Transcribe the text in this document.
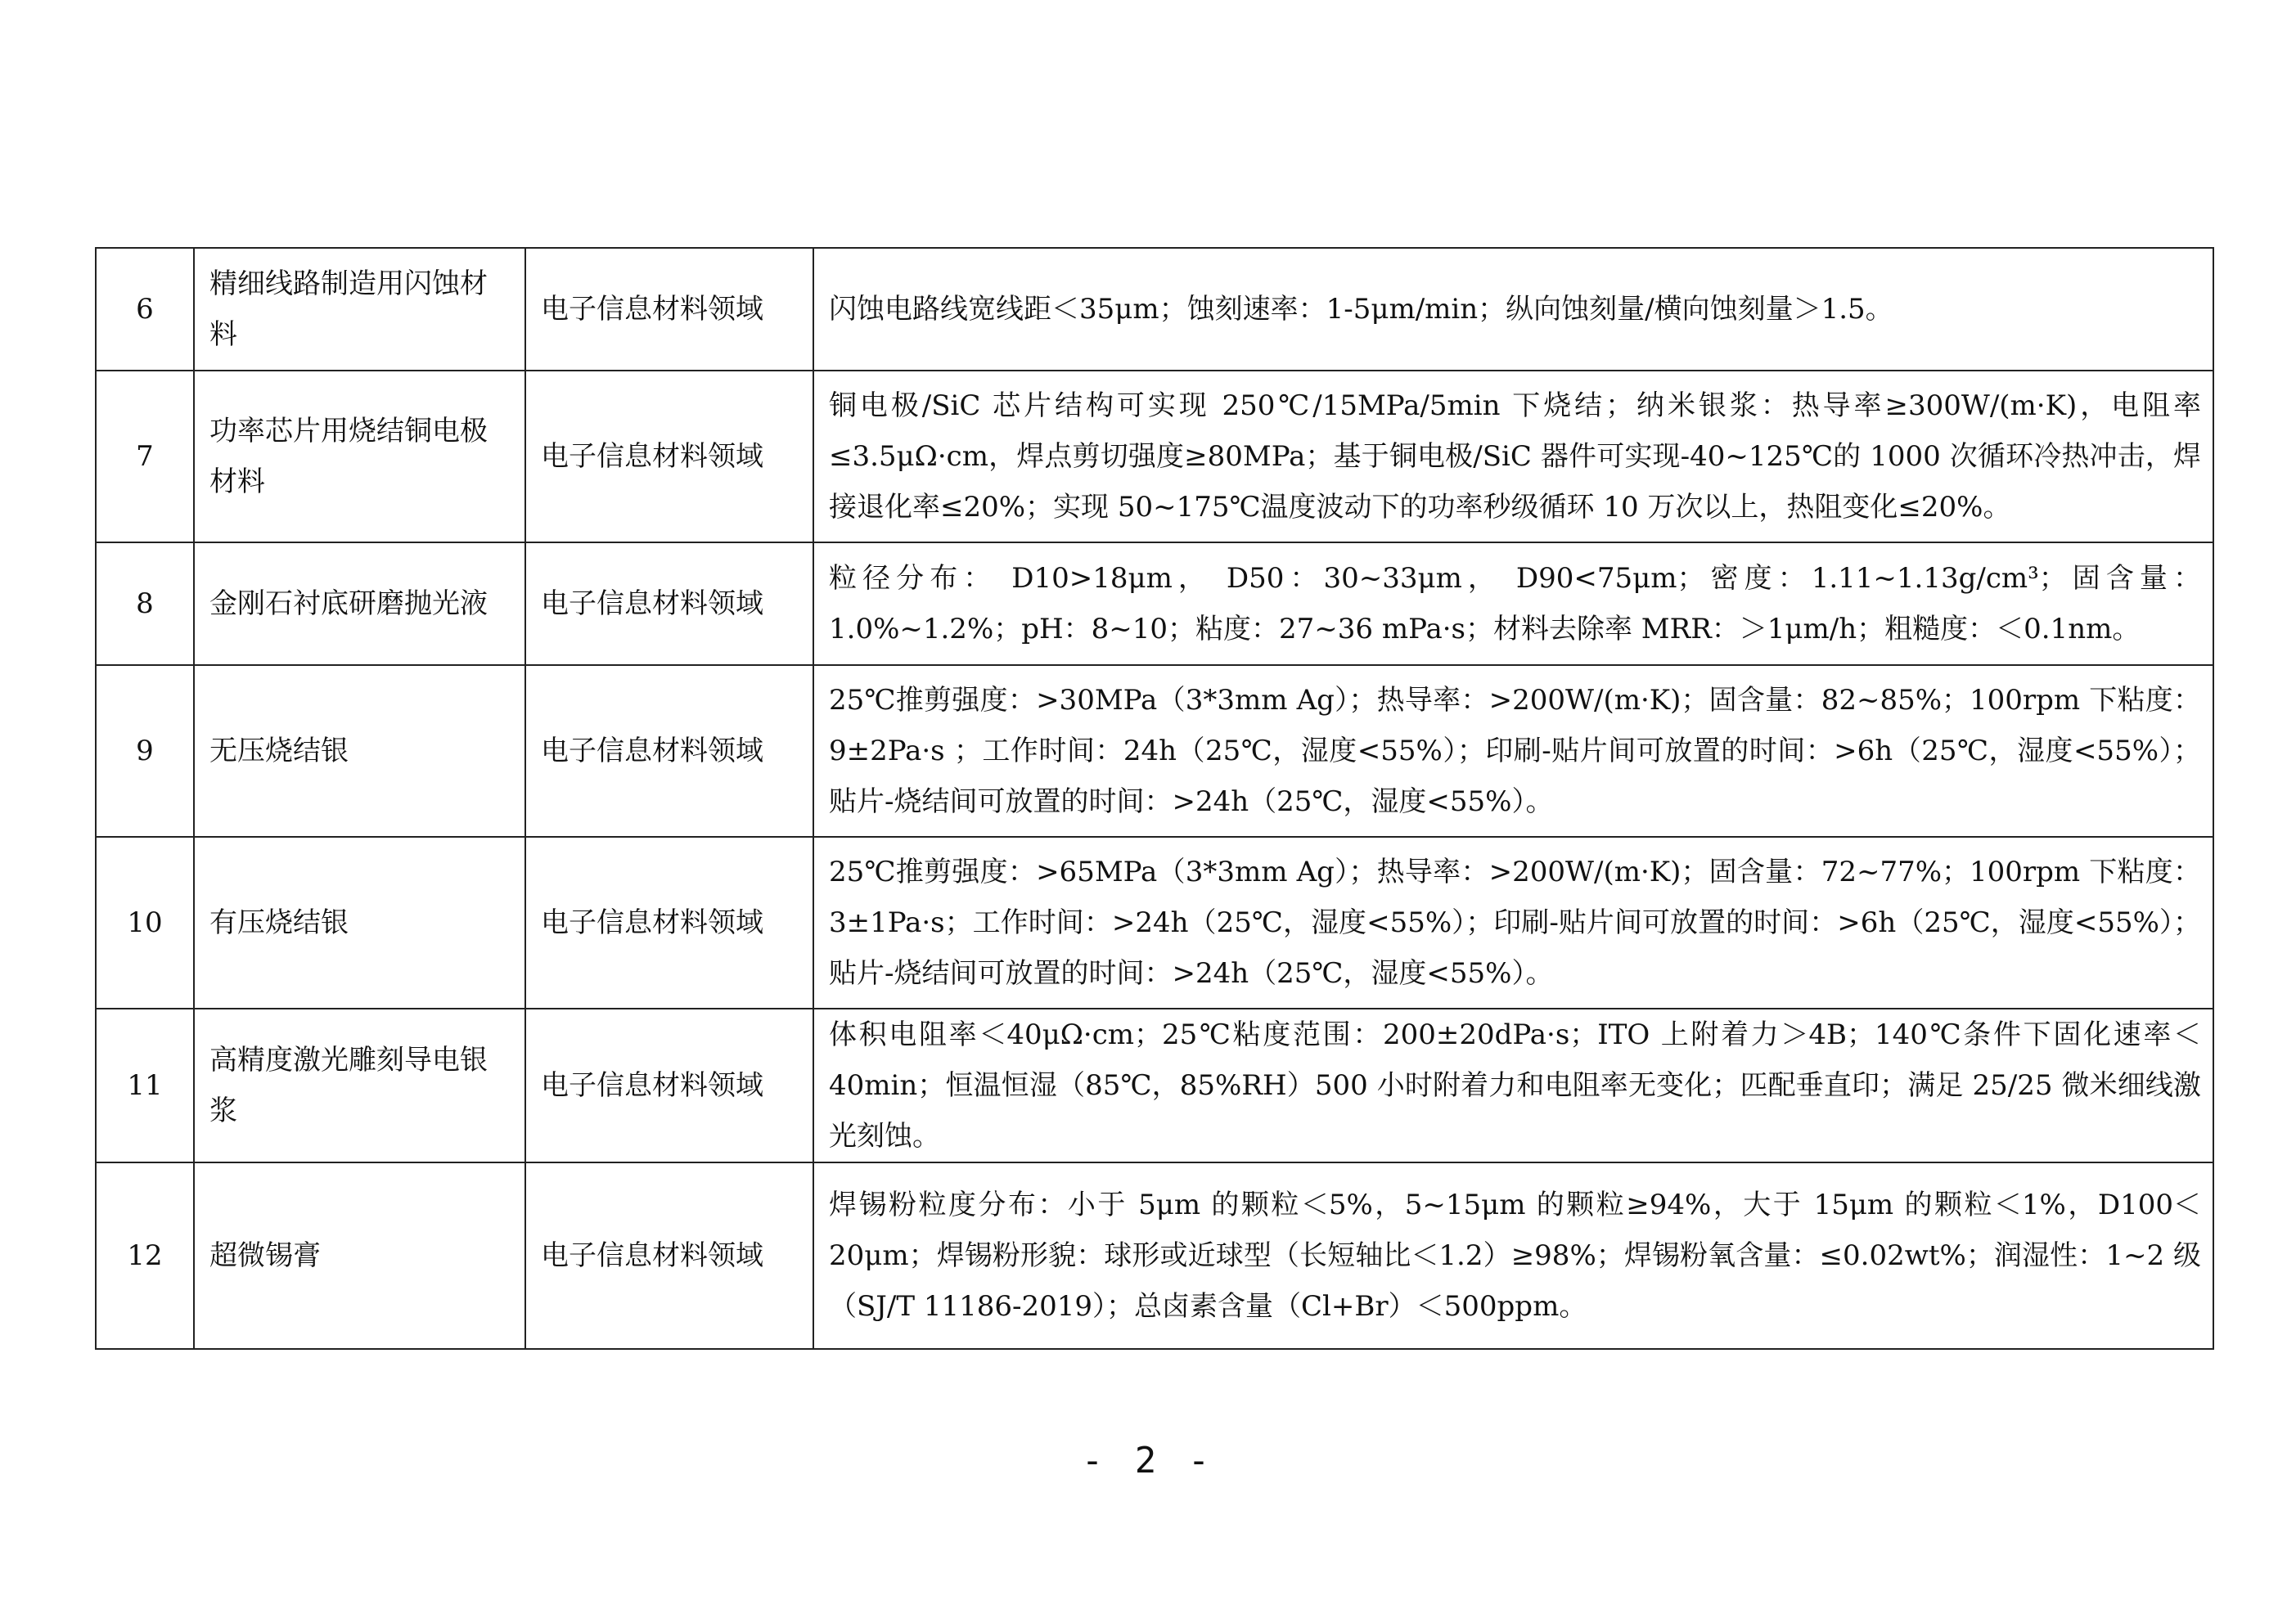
6	精细线路制造用闪蚀材料	电子信息材料领域	闪蚀电路线宽线距＜35μm；蚀刻速率：1-5μm/min；纵向蚀刻量/横向蚀刻量＞1.5。
7	功率芯片用烧结铜电极材料	电子信息材料领域	铜电极/SiC 芯片结构可实现 250℃/15MPa/5min 下烧结；纳米银浆：热导率≥300W/(m·K)，电阻率≤3.5μΩ·cm，焊点剪切强度≥80MPa；基于铜电极/SiC 器件可实现-40~125℃的 1000 次循环冷热冲击，焊接退化率≤20%；实现 50~175℃温度波动下的功率秒级循环 10 万次以上，热阻变化≤20%。
8	金刚石衬底研磨抛光液	电子信息材料领域	粒径分布： D10>18μm， D50：30~33μm， D90<75μm；密度：1.11~1.13g/cm³；固含量：1.0%~1.2%；pH：8~10；粘度：27~36 mPa·s；材料去除率 MRR：＞1μm/h；粗糙度：＜0.1nm。
9	无压烧结银	电子信息材料领域	25℃推剪强度：>30MPa（3*3mm Ag）；热导率：>200W/(m·K)；固含量：82~85%；100rpm 下粘度：9±2Pa·s ；工作时间：24h（25℃，湿度<55%）；印刷-贴片间可放置的时间：>6h（25℃，湿度<55%）；贴片-烧结间可放置的时间：>24h（25℃，湿度<55%）。
10	有压烧结银	电子信息材料领域	25℃推剪强度：>65MPa（3*3mm Ag）；热导率：>200W/(m·K)；固含量：72~77%；100rpm 下粘度：3±1Pa·s；工作时间：>24h（25℃，湿度<55%）；印刷-贴片间可放置的时间：>6h（25℃，湿度<55%）；贴片-烧结间可放置的时间：>24h（25℃，湿度<55%）。
11	高精度激光雕刻导电银浆	电子信息材料领域	体积电阻率＜40μΩ·cm；25℃粘度范围：200±20dPa·s；ITO 上附着力＞4B；140℃条件下固化速率＜40min；恒温恒湿（85℃，85%RH）500 小时附着力和电阻率无变化；匹配垂直印；满足 25/25 微米细线激光刻蚀。
12	超微锡膏	电子信息材料领域	焊锡粉粒度分布：小于 5μm 的颗粒＜5%，5~15μm 的颗粒≥94%，大于 15μm 的颗粒＜1%，D100＜20μm；焊锡粉形貌：球形或近球型（长短轴比＜1.2）≥98%；焊锡粉氧含量：≤0.02wt%；润湿性：1~2 级（SJ/T 11186-2019）；总卤素含量（Cl+Br）＜500ppm。
- 2 -
